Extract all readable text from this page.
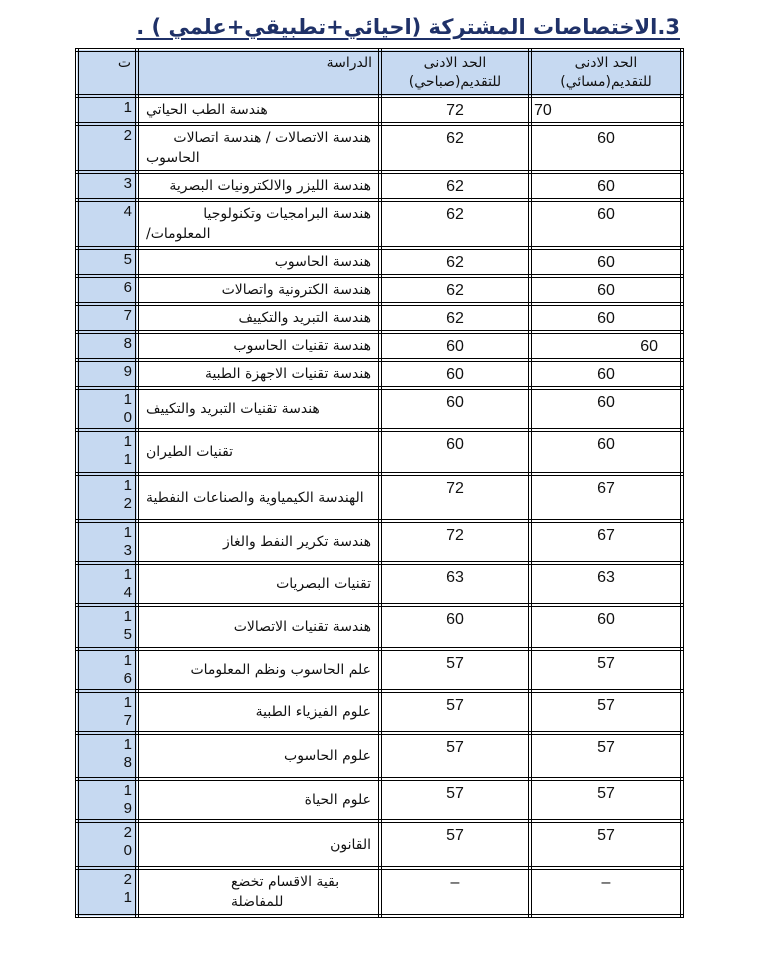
3.الاختصاصات المشتركة (احيائي+تطبيقي+علمي ) .
ت	الدراسة	الحد الادنى للتقديم(صباحي)	الحد الادنى للتقديم(مسائي)

1	هندسة الطب الحياتي	72	70

2	هندسة الاتصالات / هندسة اتصالات الحاسوب	62	60

3	هندسة الليزر والالكترونيات البصرية	62	60

4	هندسة البرامجيات وتكنولوجيا المعلومات/	62	60

5	هندسة الحاسوب	62	60

6	هندسة الكترونية واتصالات	62	60

7	هندسة التبريد والتكييف	62	60

8	هندسة تقنيات الحاسوب	60	60

9	هندسة تقنيات الاجهزة الطبية	60	60

10	هندسة تقنيات التبريد والتكييف	60	60

11	تقنيات الطيران	60	60

12	الهندسة الكيمياوية والصناعات النفطية	72	67

13	هندسة تكرير النفط والغاز	72	67

14	تقنيات البصريات	63	63

15	هندسة تقنيات الاتصالات	60	60

16	علم الحاسوب ونظم المعلومات	57	57

17	علوم الفيزياء الطبية	57	57

18	علوم الحاسوب	57	57

19	علوم الحياة	57	57

20	القانون	57	57

21	بقية الاقسام تخضع للمفاضلة	–	–
